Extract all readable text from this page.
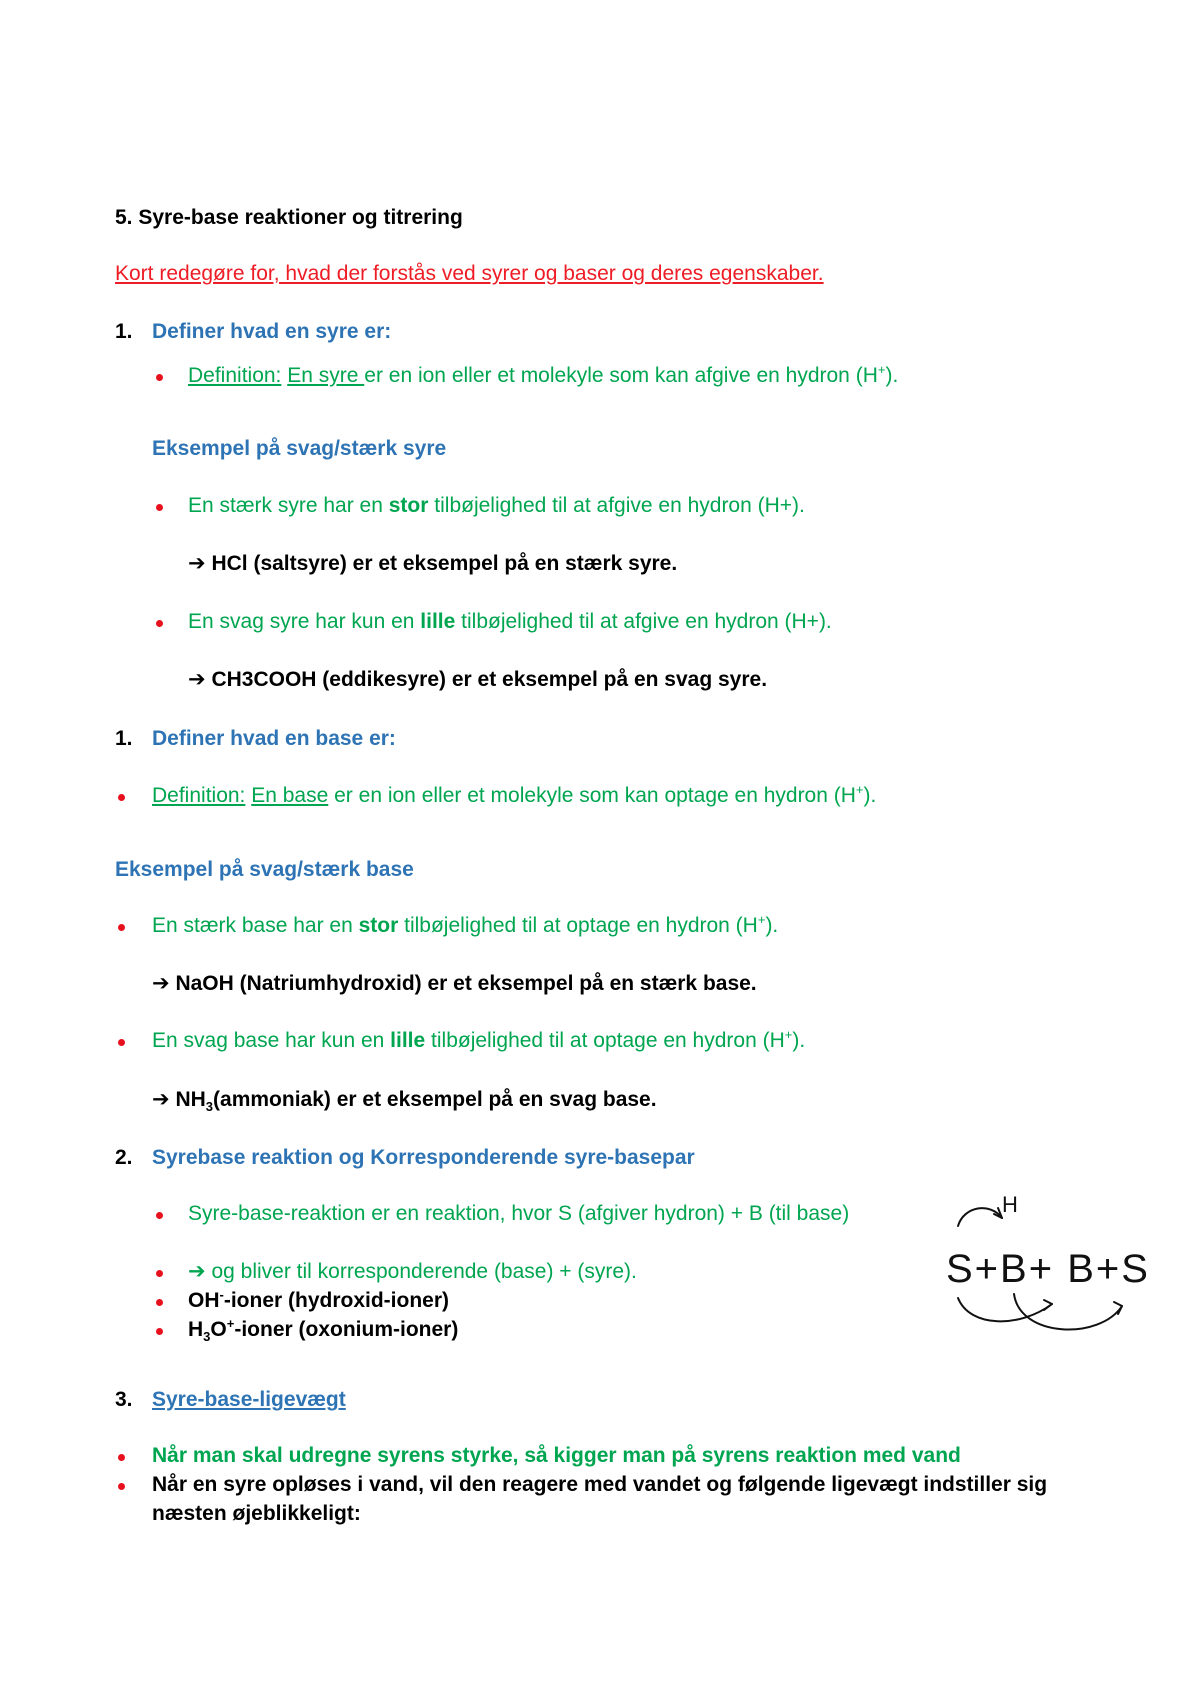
5. Syre-base reaktioner og titrering
Kort redegøre for, hvad der forstås ved syrer og baser og deres egenskaber.
1. Definer hvad en syre er:
Definition: En syre er en ion eller et molekyle som kan afgive en hydron (H+).
Eksempel på svag/stærk syre
En stærk syre har en stor tilbøjelighed til at afgive en hydron (H+).
➔ HCl (saltsyre) er et eksempel på en stærk syre.
En svag syre har kun en lille tilbøjelighed til at afgive en hydron (H+).
➔ CH3COOH (eddikesyre) er et eksempel på en svag syre.
1. Definer hvad en base er:
Definition: En base er en ion eller et molekyle som kan optage en hydron (H+).
Eksempel på svag/stærk base
En stærk base har en stor tilbøjelighed til at optage en hydron (H+).
➔ NaOH (Natriumhydroxid) er et eksempel på en stærk base.
En svag base har kun en lille tilbøjelighed til at optage en hydron (H+).
➔ $NH_3(ammoniak)$ er et eksempel på en svag base.
2. Syrebase reaktion og Korresponderende syre-basepar
Syre-base-reaktion er en reaktion, hvor S (afgiver hydron) + B (til base)
➔ og bliver til korresponderende (base) + (syre).
OH--ioner (hydroxid-ioner)
$H_3O^+$-ioner (oxonium-ioner)
H
S+B+ B+S
3. Syre-base-ligevægt
Når man skal udregne syrens styrke, så kigger man på syrens reaktion med vand
Når en syre opløses i vand, vil den reagere med vandet og følgende ligevægt indstiller sig
næsten øjeblikkeligt:
